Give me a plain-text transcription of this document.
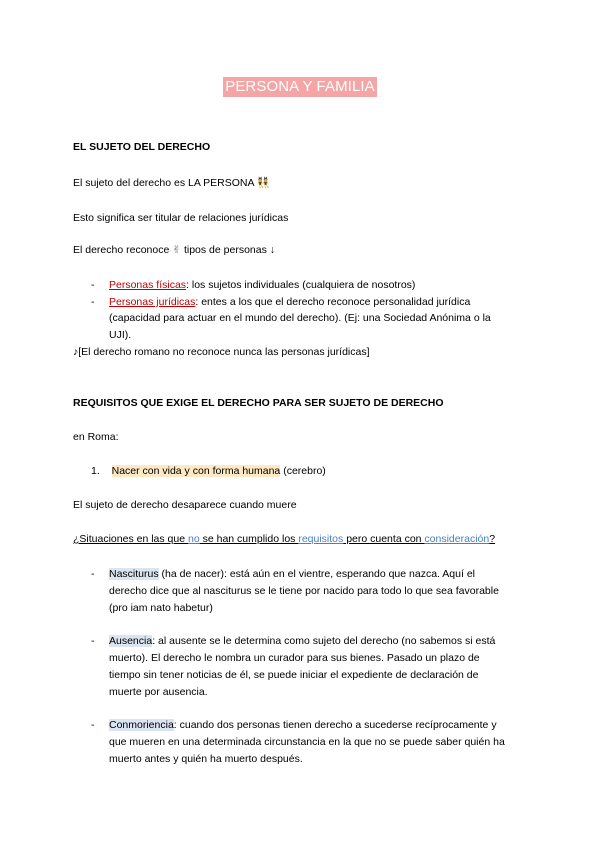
PERSONA Y FAMILIA
EL SUJETO DEL DERECHO
El sujeto del derecho es LA PERSONA 👯
Esto significa ser titular de relaciones jurídicas
El derecho reconoce ✌ tipos de personas ↓
- Personas físicas: los sujetos individuales (cualquiera de nosotros)
- Personas jurídicas: entes a los que el derecho reconoce personalidad jurídica
(capacidad para actuar en el mundo del derecho). (Ej: una Sociedad Anónima o la
UJI).
♪[El derecho romano no reconoce nunca las personas jurídicas]
REQUISITOS QUE EXIGE EL DERECHO PARA SER SUJETO DE DERECHO
en Roma:
1. Nacer con vida y con forma humana (cerebro)
El sujeto de derecho desaparece cuando muere
¿Situaciones en las que no se han cumplido los requisitos pero cuenta con consideración?
- Nasciturus (ha de nacer): está aún en el vientre, esperando que nazca. Aquí el
derecho dice que al nasciturus se le tiene por nacido para todo lo que sea favorable
(pro iam nato habetur)
- Ausencia: al ausente se le determina como sujeto del derecho (no sabemos si está
muerto). El derecho le nombra un curador para sus bienes. Pasado un plazo de
tiempo sin tener noticias de él, se puede iniciar el expediente de declaración de
muerte por ausencia.
- Conmoriencia: cuando dos personas tienen derecho a sucederse recíprocamente y
que mueren en una determinada circunstancia en la que no se puede saber quién ha
muerto antes y quién ha muerto después.
